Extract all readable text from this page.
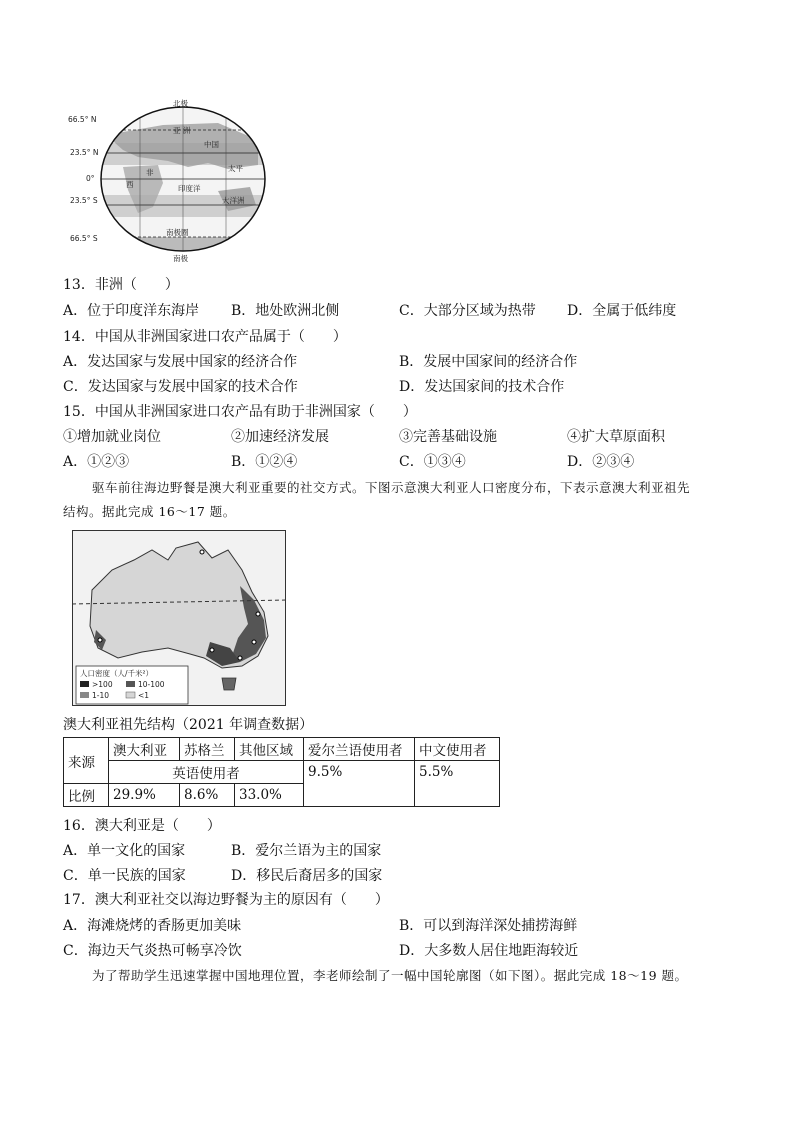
66.5° N
23.5° N
0°
23.5° S
66.5° S
北极
亚 洲
中国
非
西	印度洋
太平
大洋洲
南极圈
南极
13．非洲（　　）
A．位于印度洋东海岸 B．地处欧洲北侧	C．大部分区域为热带 D．全属于低纬度
14．中国从非洲国家进口农产品属于（　　）
A．发达国家与发展中国家的经济合作	B．发展中国家间的经济合作
C．发达国家与发展中国家的技术合作	D．发达国家间的技术合作
15．中国从非洲国家进口农产品有助于非洲国家（　　）
①增加就业岗位	②加速经济发展	③完善基础设施	④扩大草原面积
A．①②③	B．①②④	C．①③④	D．②③④
驱车前往海边野餐是澳大利亚重要的社交方式。下图示意澳大利亚人口密度分布，下表示意澳大利亚祖先
结构。据此完成 16～17 题。
人口密度（人/千米²）
>100	10-100
1-10	<1
澳大利亚祖先结构（2021 年调查数据）
来源	澳大利亚	苏格兰	其他区域	爱尔兰语使用者	中文使用者
	英语使用者			9.5%	5.5%
比例	29.9%	8.6%	33.0%		
16．澳大利亚是（　　）
A．单一文化的国家	B．爱尔兰语为主的国家
C．单一民族的国家	D．移民后裔居多的国家
17．澳大利亚社交以海边野餐为主的原因有（　　）
A．海滩烧烤的香肠更加美味	B．可以到海洋深处捕捞海鲜
C．海边天气炎热可畅享冷饮	D．大多数人居住地距海较近
为了帮助学生迅速掌握中国地理位置，李老师绘制了一幅中国轮廓图（如下图）。据此完成 18～19 题。
